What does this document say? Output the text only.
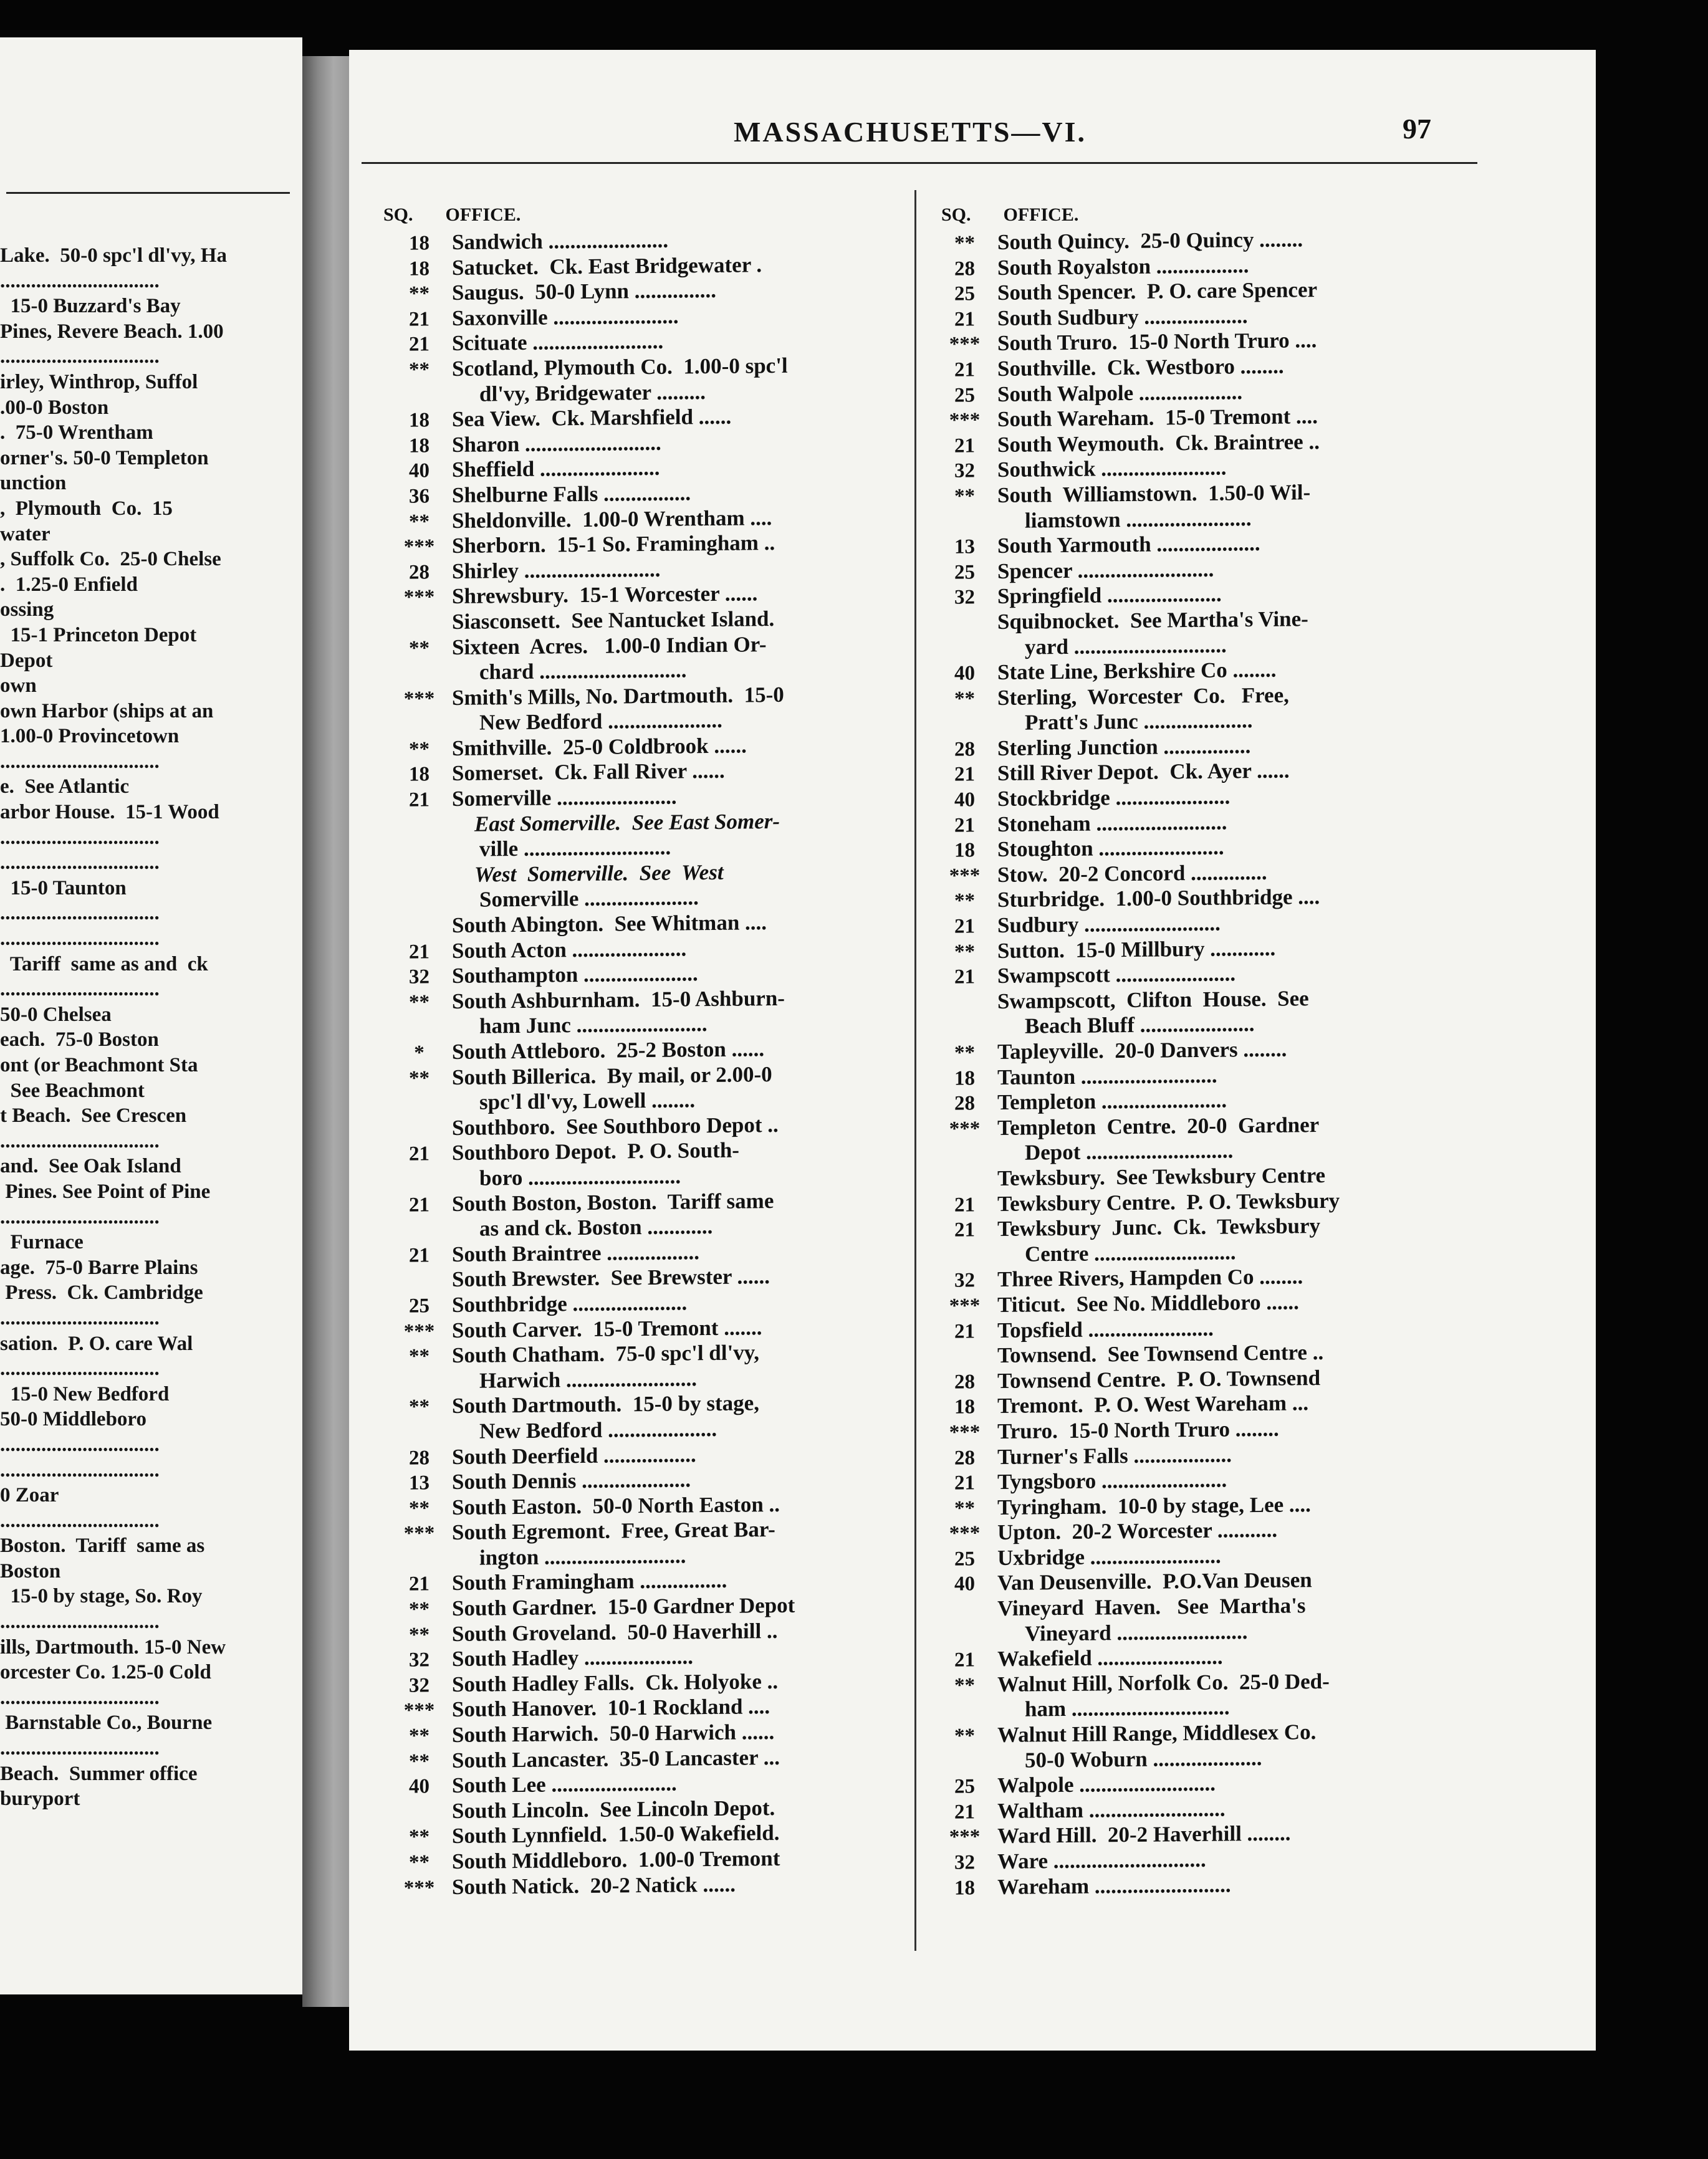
Lake.  50-0 spc'l dl'vy, Ha
...............................
15-0 Buzzard's Bay
Pines, Revere Beach. 1.00
...............................
irley, Winthrop, Suffol
.00-0 Boston
.  75-0 Wrentham
orner's. 50-0 Templeton
unction
,  Plymouth  Co.  15
water
, Suffolk Co.  25-0 Chelse
.  1.25-0 Enfield
ossing
15-1 Princeton Depot
Depot
own
own Harbor (ships at an
1.00-0 Provincetown
...............................
e.  See Atlantic
arbor House.  15-1 Wood
...............................
...............................
15-0 Taunton
...............................
...............................
Tariff  same as and  ck
...............................
50-0 Chelsea
each.  75-0 Boston
ont (or Beachmont Sta
See Beachmont
t Beach.  See Crescen
...............................
and.  See Oak Island
Pines. See Point of Pine
...............................
Furnace
age.  75-0 Barre Plains
Press.  Ck. Cambridge
...............................
sation.  P. O. care Wal
...............................
15-0 New Bedford
50-0 Middleboro
...............................
...............................
0 Zoar
...............................
Boston.  Tariff  same as
Boston
15-0 by stage, So. Roy
...............................
ills, Dartmouth. 15-0 New
orcester Co. 1.25-0 Cold
...............................
Barnstable Co., Bourne
...............................
Beach.  Summer office
buryport
MASSACHUSETTS—VI.	97
SQ. OFFICE.	SQ. OFFICE.
18 Sandwich ......................
18 Satucket.  Ck. East Bridgewater .
** Saugus.  50-0 Lynn ...............
21 Saxonville .......................
21 Scituate ........................
** Scotland, Plymouth Co.  1.00-0 spc'l
dl'vy, Bridgewater .........
18 Sea View.  Ck. Marshfield ......
18 Sharon .........................
40 Sheffield ......................
36 Shelburne Falls ................
** Sheldonville.  1.00-0 Wrentham ....
*** Sherborn.  15-1 So. Framingham ..
28 Shirley .........................
*** Shrewsbury.  15-1 Worcester ......
Siasconsett.  See Nantucket Island.
** Sixteen  Acres.   1.00-0 Indian Or-
chard ...........................
*** Smith's Mills, No. Dartmouth.  15-0
New Bedford .....................
** Smithville.  25-0 Coldbrook ......
18 Somerset.  Ck. Fall River ......
21 Somerville ......................
East Somerville.  See East Somer-
ville ...........................
West  Somerville.  See  West
Somerville .....................
South Abington.  See Whitman ....
21 South Acton .....................
32 Southampton .....................
** South Ashburnham.  15-0 Ashburn-
ham Junc ........................
* South Attleboro.  25-2 Boston ......
** South Billerica.  By mail, or 2.00-0
spc'l dl'vy, Lowell ........
Southboro.  See Southboro Depot ..
21 Southboro Depot.  P. O. South-
boro ............................
21 South Boston, Boston.  Tariff same
as and ck. Boston ............
21 South Braintree .................
South Brewster.  See Brewster ......
25 Southbridge .....................
*** South Carver.  15-0 Tremont .......
** South Chatham.  75-0 spc'l dl'vy,
Harwich ........................
** South Dartmouth.  15-0 by stage,
New Bedford ....................
28 South Deerfield .................
13 South Dennis ....................
** South Easton.  50-0 North Easton ..
*** South Egremont.  Free, Great Bar-
ington ..........................
21 South Framingham ................
** South Gardner.  15-0 Gardner Depot
** South Groveland.  50-0 Haverhill ..
32 South Hadley ....................
32 South Hadley Falls.  Ck. Holyoke ..
*** South Hanover.  10-1 Rockland ....
** South Harwich.  50-0 Harwich ......
** South Lancaster.  35-0 Lancaster ...
40 South Lee .......................
South Lincoln.  See Lincoln Depot.
** South Lynnfield.  1.50-0 Wakefield.
** South Middleboro.  1.00-0 Tremont
*** South Natick.  20-2 Natick ......
** South Quincy.  25-0 Quincy ........
28 South Royalston .................
25 South Spencer.  P. O. care Spencer
21 South Sudbury ...................
*** South Truro.  15-0 North Truro ....
21 Southville.  Ck. Westboro ........
25 South Walpole ...................
*** South Wareham.  15-0 Tremont ....
21 South Weymouth.  Ck. Braintree ..
32 Southwick .......................
** South  Williamstown.  1.50-0 Wil-
liamstown .......................
13 South Yarmouth ...................
25 Spencer .........................
32 Springfield .....................
Squibnocket.  See Martha's Vine-
yard ............................
40 State Line, Berkshire Co ........
** Sterling,  Worcester  Co.   Free,
Pratt's Junc ....................
28 Sterling Junction ................
21 Still River Depot.  Ck. Ayer ......
40 Stockbridge .....................
21 Stoneham ........................
18 Stoughton .......................
*** Stow.  20-2 Concord ..............
** Sturbridge.  1.00-0 Southbridge ....
21 Sudbury .........................
** Sutton.  15-0 Millbury ............
21 Swampscott ......................
Swampscott,  Clifton  House.  See
Beach Bluff .....................
** Tapleyville.  20-0 Danvers ........
18 Taunton .........................
28 Templeton .......................
*** Templeton  Centre.  20-0  Gardner
Depot ...........................
Tewksbury.  See Tewksbury Centre
21 Tewksbury Centre.  P. O. Tewksbury
21 Tewksbury  Junc.  Ck.  Tewksbury
Centre ..........................
32 Three Rivers, Hampden Co ........
*** Titicut.  See No. Middleboro ......
21 Topsfield .......................
Townsend.  See Townsend Centre ..
28 Townsend Centre.  P. O. Townsend
18 Tremont.  P. O. West Wareham ...
*** Truro.  15-0 North Truro ........
28 Turner's Falls ..................
21 Tyngsboro .......................
** Tyringham.  10-0 by stage, Lee ....
*** Upton.  20-2 Worcester ...........
25 Uxbridge ........................
40 Van Deusenville.  P.O.Van Deusen
Vineyard  Haven.   See  Martha's
Vineyard ........................
21 Wakefield .......................
** Walnut Hill, Norfolk Co.  25-0 Ded-
ham .............................
** Walnut Hill Range, Middlesex Co.
50-0 Woburn ....................
25 Walpole .........................
21 Waltham .........................
*** Ward Hill.  20-2 Haverhill ........
32 Ware ............................
18 Wareham .........................
